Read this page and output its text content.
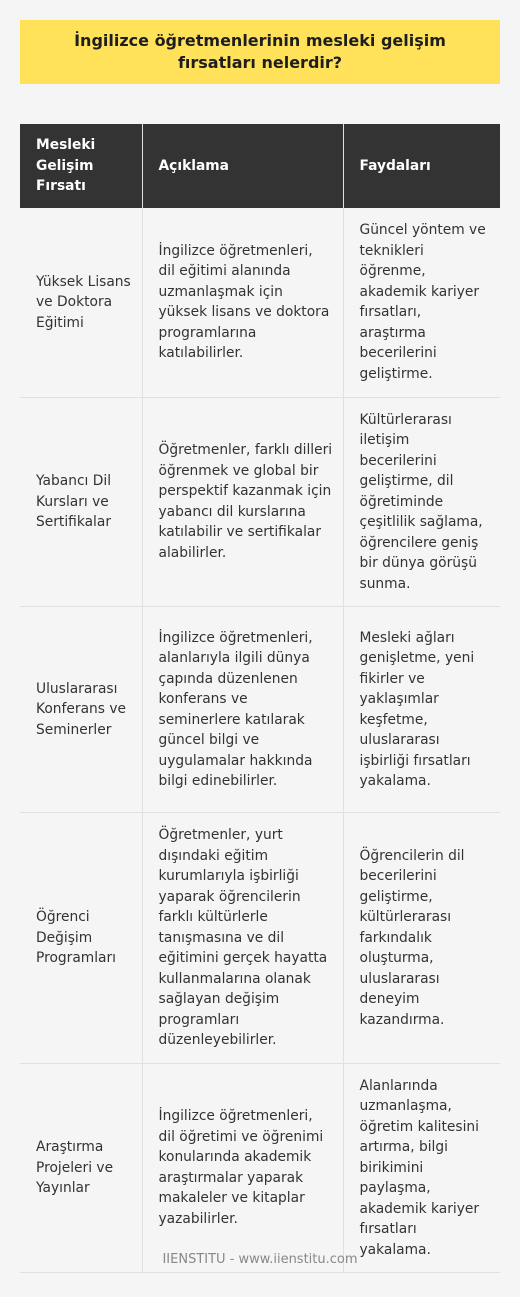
İngilizce öğretmenlerinin mesleki gelişim fırsatları nelerdir?
Mesleki Gelişim Fırsatı	Açıklama	Faydaları
Yüksek Lisans ve Doktora Eğitimi	İngilizce öğretmenleri, dil eğitimi alanında uzmanlaşmak için yüksek lisans ve doktora programlarına katılabilirler.	Güncel yöntem ve teknikleri öğrenme, akademik kariyer fırsatları, araştırma becerilerini geliştirme.
Yabancı Dil Kursları ve Sertifikalar	Öğretmenler, farklı dilleri öğrenmek ve global bir perspektif kazanmak için yabancı dil kurslarına katılabilir ve sertifikalar alabilirler.	Kültürlerarası iletişim becerilerini geliştirme, dil öğretiminde çeşitlilik sağlama, öğrencilere geniş bir dünya görüşü sunma.
Uluslararası Konferans ve Seminerler	İngilizce öğretmenleri, alanlarıyla ilgili dünya çapında düzenlenen konferans ve seminerlere katılarak güncel bilgi ve uygulamalar hakkında bilgi edinebilirler.	Mesleki ağları genişletme, yeni fikirler ve yaklaşımlar keşfetme, uluslararası işbirliği fırsatları yakalama.
Öğrenci Değişim Programları	Öğretmenler, yurt dışındaki eğitim kurumlarıyla işbirliği yaparak öğrencilerin farklı kültürlerle tanışmasına ve dil eğitimini gerçek hayatta kullanmalarına olanak sağlayan değişim programları düzenleyebilirler.	Öğrencilerin dil becerilerini geliştirme, kültürlerarası farkındalık oluşturma, uluslararası deneyim kazandırma.
Araştırma Projeleri ve Yayınlar	İngilizce öğretmenleri, dil öğretimi ve öğrenimi konularında akademik araştırmalar yaparak makaleler ve kitaplar yazabilirler.	Alanlarında uzmanlaşma, öğretim kalitesini artırma, bilgi birikimini paylaşma, akademik kariyer fırsatları yakalama.
IIENSTITU - www.iienstitu.com
